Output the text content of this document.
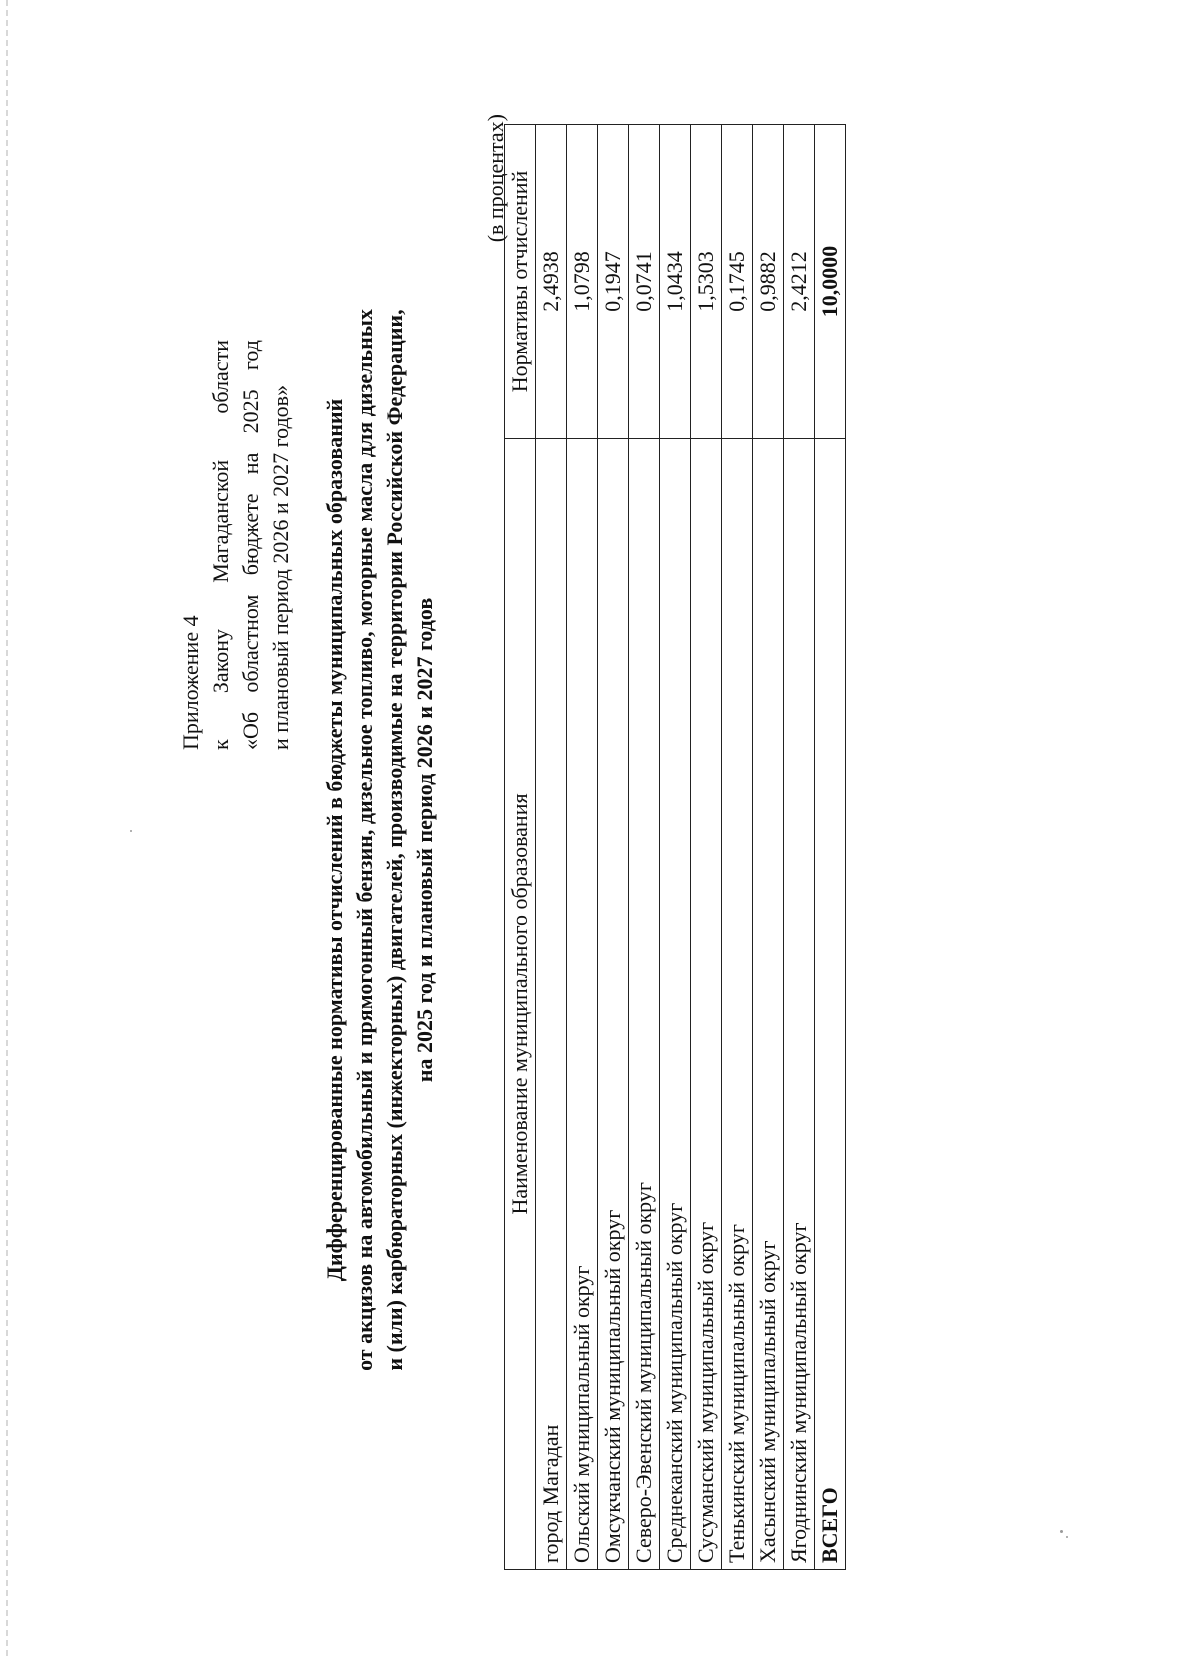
Приложение 4 к
Закону
Магаданской
области
«Об
областном
бюджете
на
2025
год
и плановый период 2026 и 2027 годов» Дифференцированные нормативы отчислений в бюджеты муниципальных образований от акцизов на автомобильный и прямогонный бензин, дизельное топливо, моторные масла для дизельных и (или) карбюраторных (инжекторных) двигателей, производимые на территории Российской Федерации, на 2025 год и плановый период 2026 и 2027 годов
(в процентах)
Наименование муниципального образования	Нормативы отчислений
город Магадан	2,4938
Ольский муниципальный округ	1,0798
Омсукчанский муниципальный округ	0,1947
Северо-Эвенский муниципальный округ	0,0741
Среднеканский муниципальный округ	1,0434
Сусуманский муниципальный округ	1,5303
Тенькинский муниципальный округ	0,1745
Хасынский муниципальный округ	0,9882
Ягоднинский муниципальный округ	2,4212
ВСЕГО	10,0000
